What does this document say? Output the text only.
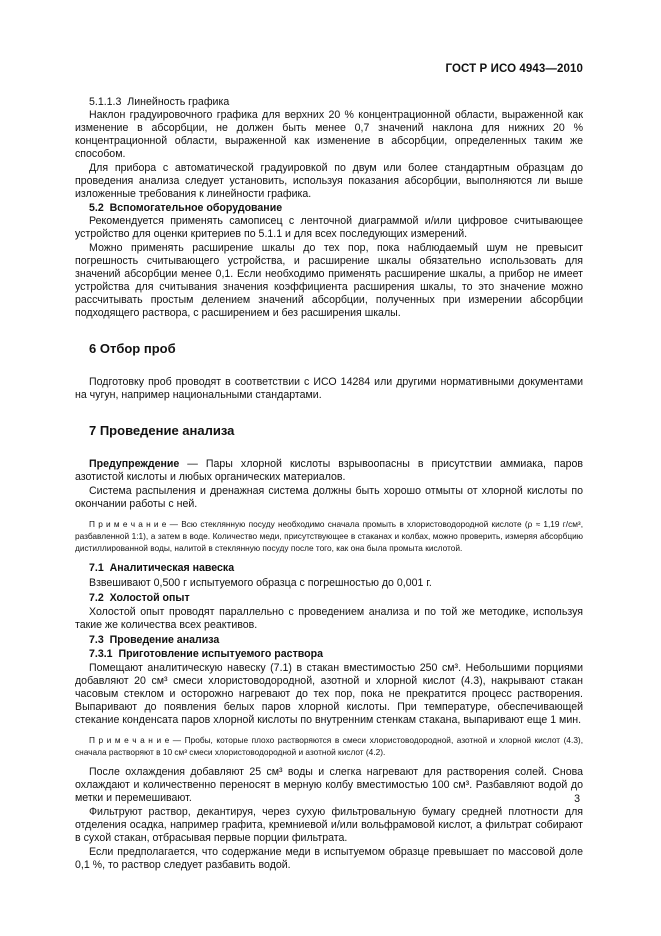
ГОСТ Р ИСО 4943—2010

5.1.1.3 Линейность графика

Наклон градуировочного графика для верхних 20 % концентрационной области, выраженной как изменение в абсорбции, не должен быть менее 0,7 значений наклона для нижних 20 % концентрационной области, выраженной как изменение в абсорбции, определенных таким же способом.

Для прибора с автоматической градуировкой по двум или более стандартным образцам до проведения анализа следует установить, используя показания абсорбции, выполняются ли выше изложенные требования к линейности графика.

5.2 Вспомогательное оборудование

Рекомендуется применять самописец с ленточной диаграммой и/или цифровое считывающее устройство для оценки критериев по 5.1.1 и для всех последующих измерений.

Можно применять расширение шкалы до тех пор, пока наблюдаемый шум не превысит погрешность считывающего устройства, и расширение шкалы обязательно использовать для значений абсорбции менее 0,1. Если необходимо применять расширение шкалы, а прибор не имеет устройства для считывания значения коэффициента расширения шкалы, то это значение можно рассчитывать простым делением значений абсорбции, полученных при измерении абсорбции подходящего раствора, с расширением и без расширения шкалы.

6 Отбор проб

Подготовку проб проводят в соответствии с ИСО 14284 или другими нормативными документами на чугун, например национальными стандартами.

7 Проведение анализа

Предупреждение — Пары хлорной кислоты взрывоопасны в присутствии аммиака, паров азотистой кислоты и любых органических материалов.

Система распыления и дренажная система должны быть хорошо отмыты от хлорной кислоты по окончании работы с ней.

П р и м е ч а н и е — Всю стеклянную посуду необходимо сначала промыть в хлористоводородной кислоте (ρ ≈ 1,19 г/см³, разбавленной 1:1), а затем в воде. Количество меди, присутствующее в стаканах и колбах, можно проверить, измеряя абсорбцию дистиллированной воды, налитой в стеклянную посуду после того, как она была промыта кислотой.

7.1 Аналитическая навеска

Взвешивают 0,500 г испытуемого образца с погрешностью до 0,001 г.

7.2 Холостой опыт

Холостой опыт проводят параллельно с проведением анализа и по той же методике, используя такие же количества всех реактивов.

7.3 Проведение анализа

7.3.1 Приготовление испытуемого раствора

Помещают аналитическую навеску (7.1) в стакан вместимостью 250 см³. Небольшими порциями добавляют 20 см³ смеси хлористоводородной, азотной и хлорной кислот (4.3), накрывают стакан часовым стеклом и осторожно нагревают до тех пор, пока не прекратится процесс растворения. Выпаривают до появления белых паров хлорной кислоты. При температуре, обеспечивающей стекание конденсата паров хлорной кислоты по внутренним стенкам стакана, выпаривают еще 1 мин.

П р и м е ч а н и е — Пробы, которые плохо растворяются в смеси хлористоводородной, азотной и хлорной кислот (4.3), сначала растворяют в 10 см³ смеси хлористоводородной и азотной кислот (4.2).

После охлаждения добавляют 25 см³ воды и слегка нагревают для растворения солей. Снова охлаждают и количественно переносят в мерную колбу вместимостью 100 см³. Разбавляют водой до метки и перемешивают.

Фильтруют раствор, декантируя, через сухую фильтровальную бумагу средней плотности для отделения осадка, например графита, кремниевой и/или вольфрамовой кислот, а фильтрат собирают в сухой стакан, отбрасывая первые порции фильтрата.

Если предполагается, что содержание меди в испытуемом образце превышает по массовой доле 0,1 %, то раствор следует разбавить водой.

3
